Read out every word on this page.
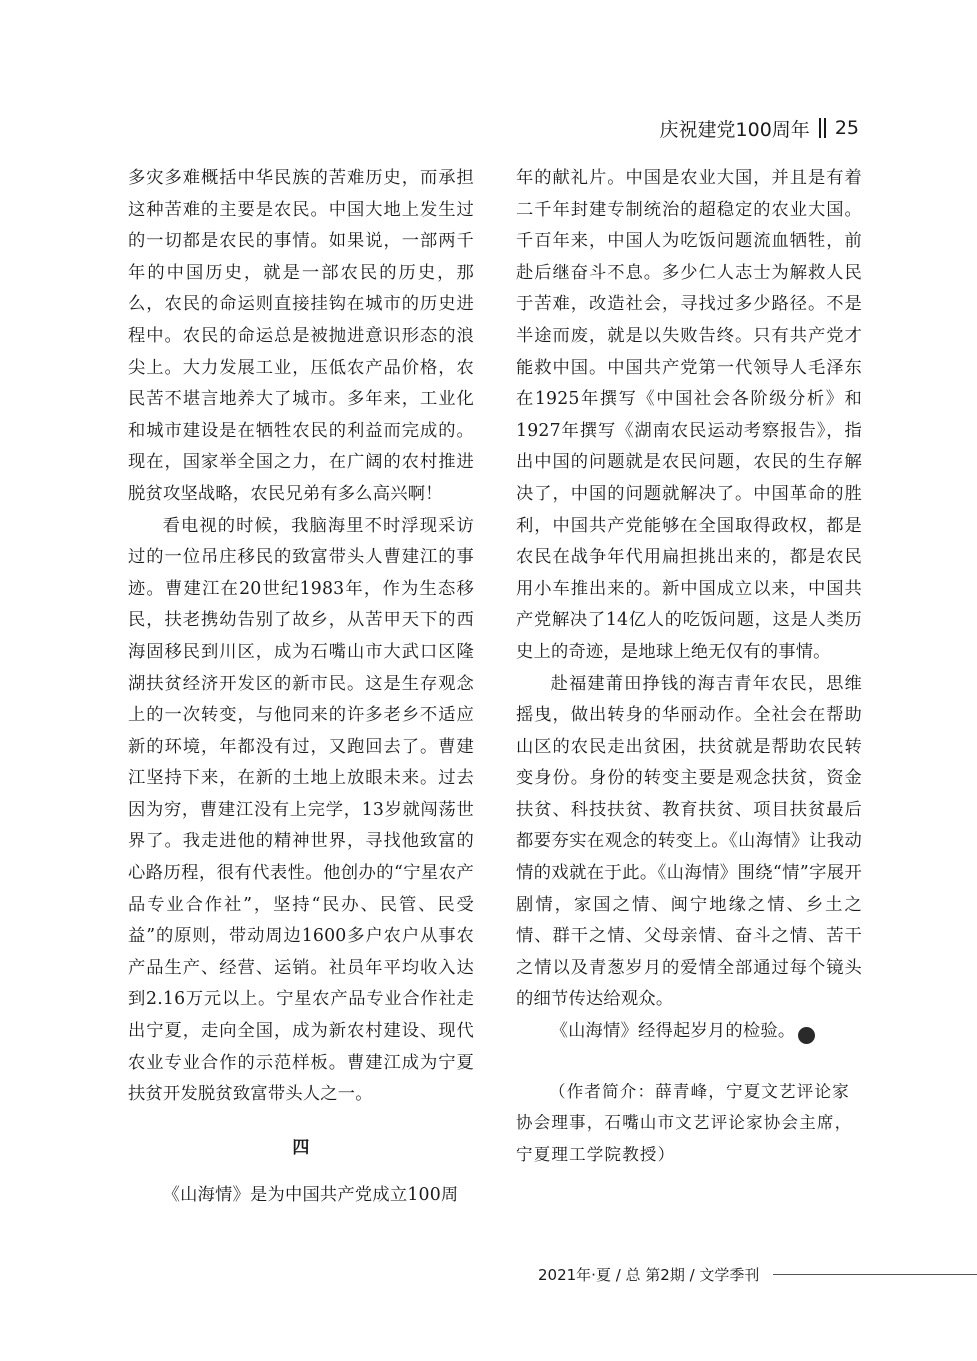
庆祝建党100周年 25

多灾多难概括中华民族的苦难历史，而承担这种苦难的主要是农民。中国大地上发生过的一切都是农民的事情。如果说，一部两千年的中国历史，就是一部农民的历史，那么，农民的命运则直接挂钩在城市的历史进程中。农民的命运总是被抛进意识形态的浪尖上。大力发展工业，压低农产品价格，农民苦不堪言地养大了城市。多年来，工业化和城市建设是在牺牲农民的利益而完成的。现在，国家举全国之力，在广阔的农村推进脱贫攻坚战略，农民兄弟有多么高兴啊！

看电视的时候，我脑海里不时浮现采访过的一位吊庄移民的致富带头人曹建江的事迹。曹建江在20世纪1983年，作为生态移民，扶老携幼告别了故乡，从苦甲天下的西海固移民到川区，成为石嘴山市大武口区隆湖扶贫经济开发区的新市民。这是生存观念上的一次转变，与他同来的许多老乡不适应新的环境，年都没有过，又跑回去了。曹建江坚持下来，在新的土地上放眼未来。过去因为穷，曹建江没有上完学，13岁就闯荡世界了。我走进他的精神世界，寻找他致富的心路历程，很有代表性。他创办的“宁星农产品专业合作社”，坚持“民办、民管、民受益”的原则，带动周边1600多户农户从事农产品生产、经营、运销。社员年平均收入达到2.16万元以上。宁星农产品专业合作社走出宁夏，走向全国，成为新农村建设、现代农业专业合作的示范样板。曹建江成为宁夏扶贫开发脱贫致富带头人之一。

四

《山海情》是为中国共产党成立100周

年的献礼片。中国是农业大国，并且是有着二千年封建专制统治的超稳定的农业大国。千百年来，中国人为吃饭问题流血牺牲，前赴后继奋斗不息。多少仁人志士为解救人民于苦难，改造社会，寻找过多少路径。不是半途而废，就是以失败告终。只有共产党才能救中国。中国共产党第一代领导人毛泽东在1925年撰写《中国社会各阶级分析》和1927年撰写《湖南农民运动考察报告》，指出中国的问题就是农民问题，农民的生存解决了，中国的问题就解决了。中国革命的胜利，中国共产党能够在全国取得政权，都是农民在战争年代用扁担挑出来的，都是农民用小车推出来的。新中国成立以来，中国共产党解决了14亿人的吃饭问题，这是人类历史上的奇迹，是地球上绝无仅有的事情。

赴福建莆田挣钱的海吉青年农民，思维摇曳，做出转身的华丽动作。全社会在帮助山区的农民走出贫困，扶贫就是帮助农民转变身份。身份的转变主要是观念扶贫，资金扶贫、科技扶贫、教育扶贫、项目扶贫最后都要夯实在观念的转变上。《山海情》让我动情的戏就在于此。《山海情》围绕“情”字展开剧情，家国之情、闽宁地缘之情、乡土之情、群干之情、父母亲情、奋斗之情、苦干之情以及青葱岁月的爱情全部通过每个镜头的细节传达给观众。

《山海情》经得起岁月的检验。	川

（作者简介：薛青峰，宁夏文艺评论家协会理事，石嘴山市文艺评论家协会主席，宁夏理工学院教授）

2021年·夏 / 总 第2期 / 文学季刊
